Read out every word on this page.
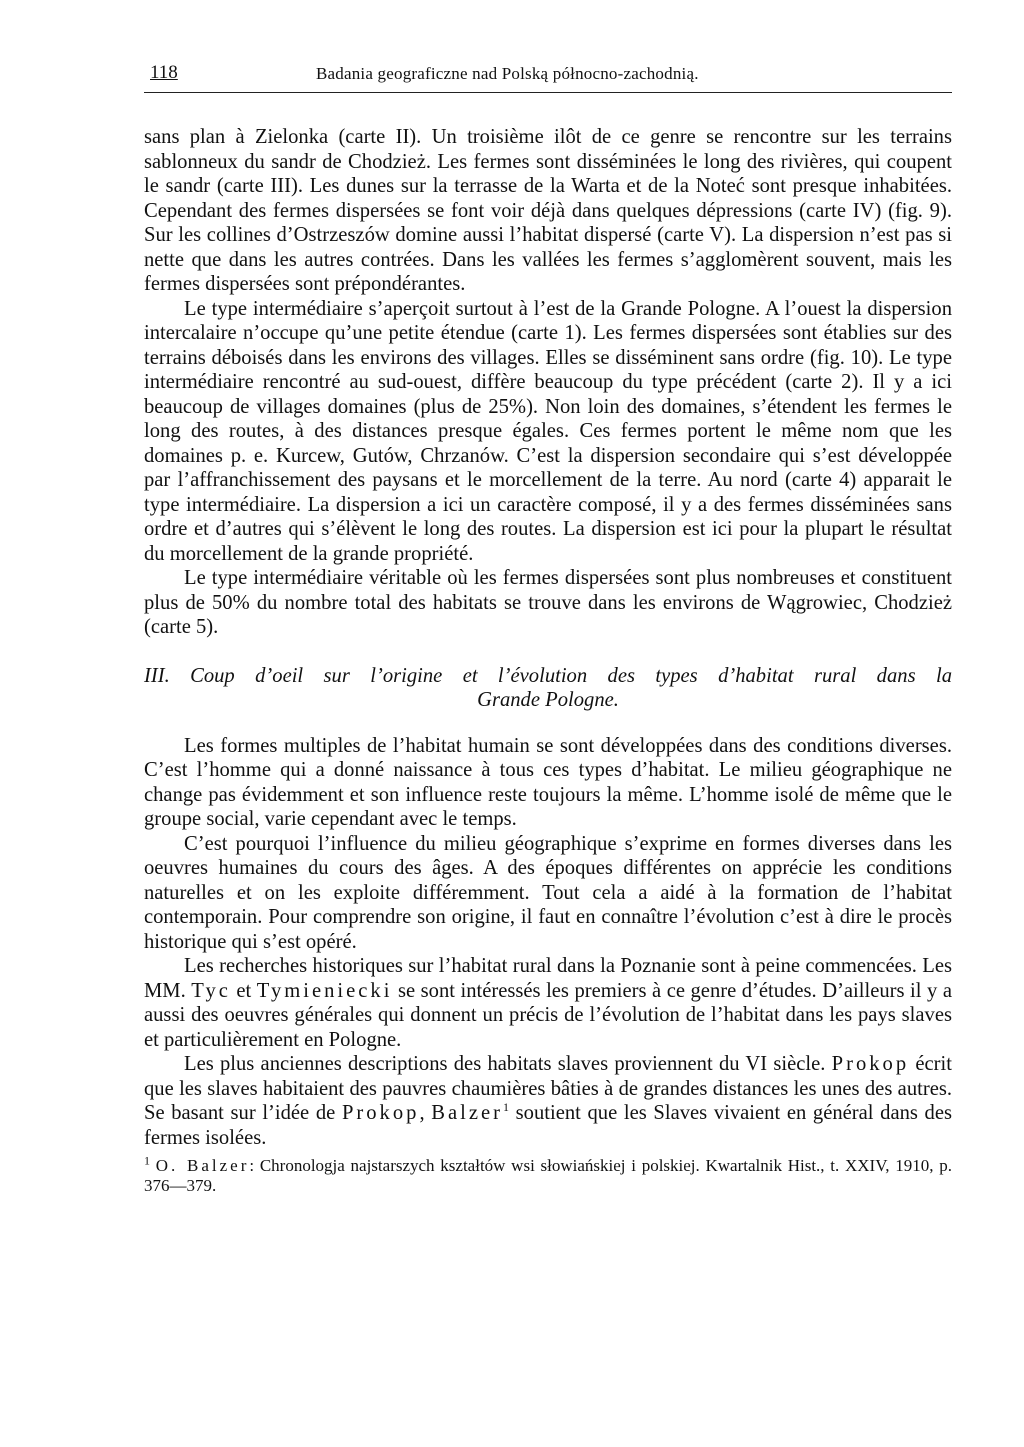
118	Badania geograficzne nad Polską północno-zachodnią.

sans plan à Zielonka (carte II). Un troisième ilôt de ce genre se rencontre sur les terrains sablonneux du sandr de Chodzież. Les fermes sont disséminées le long des rivières, qui coupent le sandr (carte III). Les dunes sur la terrasse de la Warta et de la Noteć sont presque inhabitées. Cependant des fermes dispersées se font voir déjà dans quelques dépressions (carte IV) (fig. 9). Sur les collines d’Ostrzeszów domine aussi l’habitat dispersé (carte V). La dispersion n’est pas si nette que dans les autres contrées. Dans les vallées les fermes s’agglomèrent souvent, mais les fermes dispersées sont prépondérantes.

Le type intermédiaire s’aperçoit surtout à l’est de la Grande Pologne. A l’ouest la dispersion intercalaire n’occupe qu’une petite étendue (carte 1). Les fermes dispersées sont établies sur des terrains déboisés dans les environs des villages. Elles se disséminent sans ordre (fig. 10). Le type intermédiaire rencontré au sud-ouest, diffère beaucoup du type précédent (carte 2). Il y a ici beaucoup de villages domaines (plus de 25%). Non loin des domaines, s’étendent les fermes le long des routes, à des distances presque égales. Ces fermes portent le même nom que les domaines p. e. Kurcew, Gutów, Chrzanów. C’est la dispersion secondaire qui s’est développée par l’affranchissement des paysans et le morcellement de la terre. Au nord (carte 4) apparait le type intermédiaire. La dispersion a ici un caractère composé, il y a des fermes disséminées sans ordre et d’autres qui s’élèvent le long des routes. La dispersion est ici pour la plupart le résultat du morcellement de la grande propriété.

Le type intermédiaire véritable où les fermes dispersées sont plus nombreuses et constituent plus de 50% du nombre total des habitats se trouve dans les environs de Wągrowiec, Chodzież (carte 5).

III. Coup d’oeil sur l’origine et l’évolution des types d’habitat rural dans la
Grande Pologne.

Les formes multiples de l’habitat humain se sont développées dans des conditions diverses. C’est l’homme qui a donné naissance à tous ces types d’habitat. Le milieu géographique ne change pas évidemment et son influence reste toujours la même. L’homme isolé de même que le groupe social, varie cependant avec le temps.

C’est pourquoi l’influence du milieu géographique s’exprime en formes diverses dans les oeuvres humaines du cours des âges. A des époques différentes on apprécie les conditions naturelles et on les exploite différemment. Tout cela a aidé à la formation de l’habitat contemporain. Pour comprendre son origine, il faut en connaître l’évolution c’est à dire le procès historique qui s’est opéré.

Les recherches historiques sur l’habitat rural dans la Poznanie sont à peine commencées. Les MM. Tyc et Tymieniecki se sont intéressés les premiers à ce genre d’études. D’ailleurs il y a aussi des oeuvres générales qui donnent un précis de l’évolution de l’habitat dans les pays slaves et particulièrement en Pologne.

Les plus anciennes descriptions des habitats slaves proviennent du VI siècle. Prokop écrit que les slaves habitaient des pauvres chaumières bâties à de grandes distances les unes des autres. Se basant sur l’idée de Prokop, Balzer$^1$ soutient que les Slaves vivaient en général dans des fermes isolées.

$^1$ O. Balzer: Chronologja najstarszych kształtów wsi słowiańskiej i polskiej. Kwartalnik Hist., t. XXIV, 1910, p. 376—379.
